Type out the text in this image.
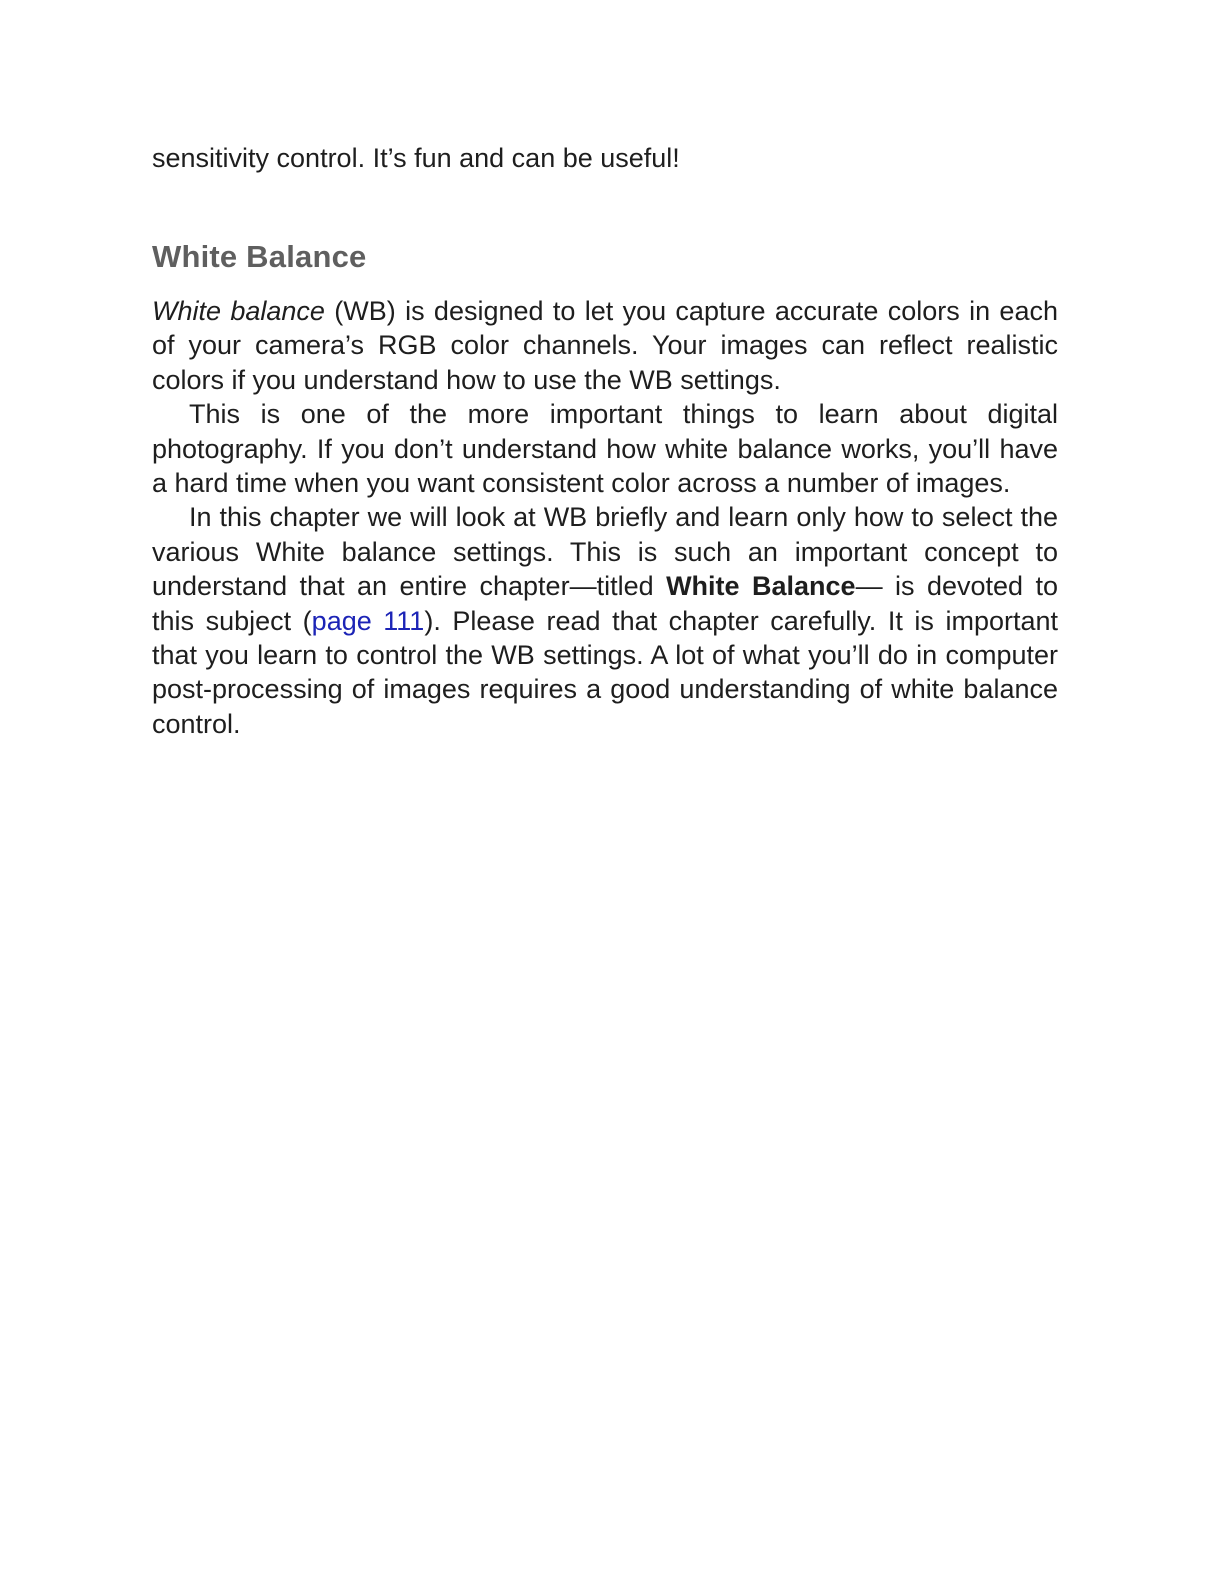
sensitivity control. It’s fun and can be useful!

White Balance

White balance (WB) is designed to let you capture accurate colors in each of your camera’s RGB color channels. Your images can reflect realistic colors if you understand how to use the WB settings.

This is one of the more important things to learn about digital photography. If you don’t understand how white balance works, you’ll have a hard time when you want consistent color across a number of images.

In this chapter we will look at WB briefly and learn only how to select the various White balance settings. This is such an important concept to understand that an entire chapter—titled White Balance— is devoted to this subject (page 111). Please read that chapter carefully. It is important that you learn to control the WB settings. A lot of what you’ll do in computer post-processing of images requires a good understanding of white balance control.
